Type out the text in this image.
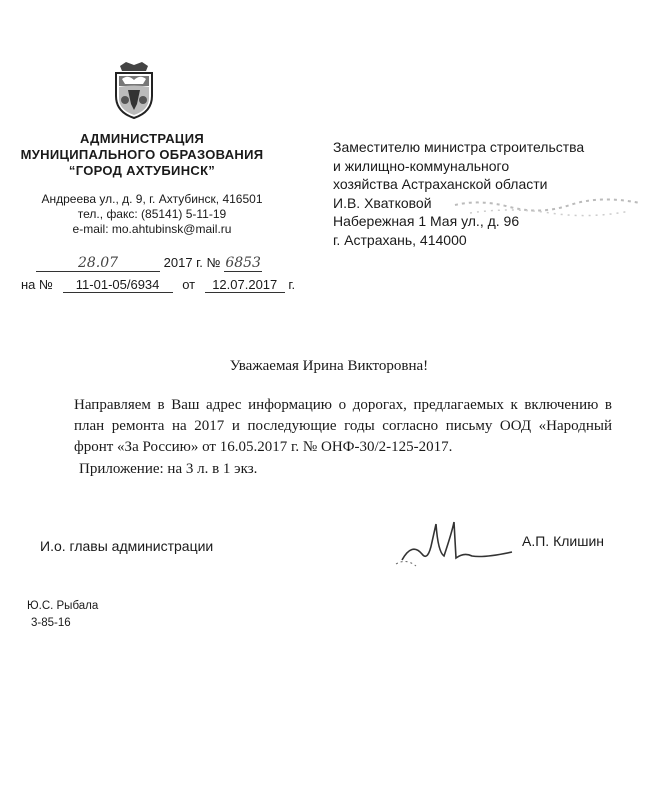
АДМИНИСТРАЦИЯ
МУНИЦИПАЛЬНОГО ОБРАЗОВАНИЯ
“ГОРОД АХТУБИНСК”
Андреева ул., д. 9, г. Ахтубинск, 416501
тел., факс: (85141) 5-11-19
e-mail: mo.ahtubinsk@mail.ru
28.07	2017 г. № 6853
на № 11-01-05/6934 от 12.07.2017 г.
Заместителю министра строительства
и жилищно-коммунального
хозяйства Астраханской области
И.В. Хватковой
Набережная 1 Мая ул., д. 96
г. Астрахань, 414000
Уважаемая Ирина Викторовна!

Направляем в Ваш адрес информацию о дорогах, предлагаемых к включению в план ремонта на 2017 и последующие годы согласно письму ООД «Народный фронт «За Россию» от 16.05.2017 г. № ОНФ-30/2-125-2017.

Приложение: на 3 л. в 1 экз.
И.о. главы администрации	А.П. Клишин
Ю.С. Рыбала
3-85-16
